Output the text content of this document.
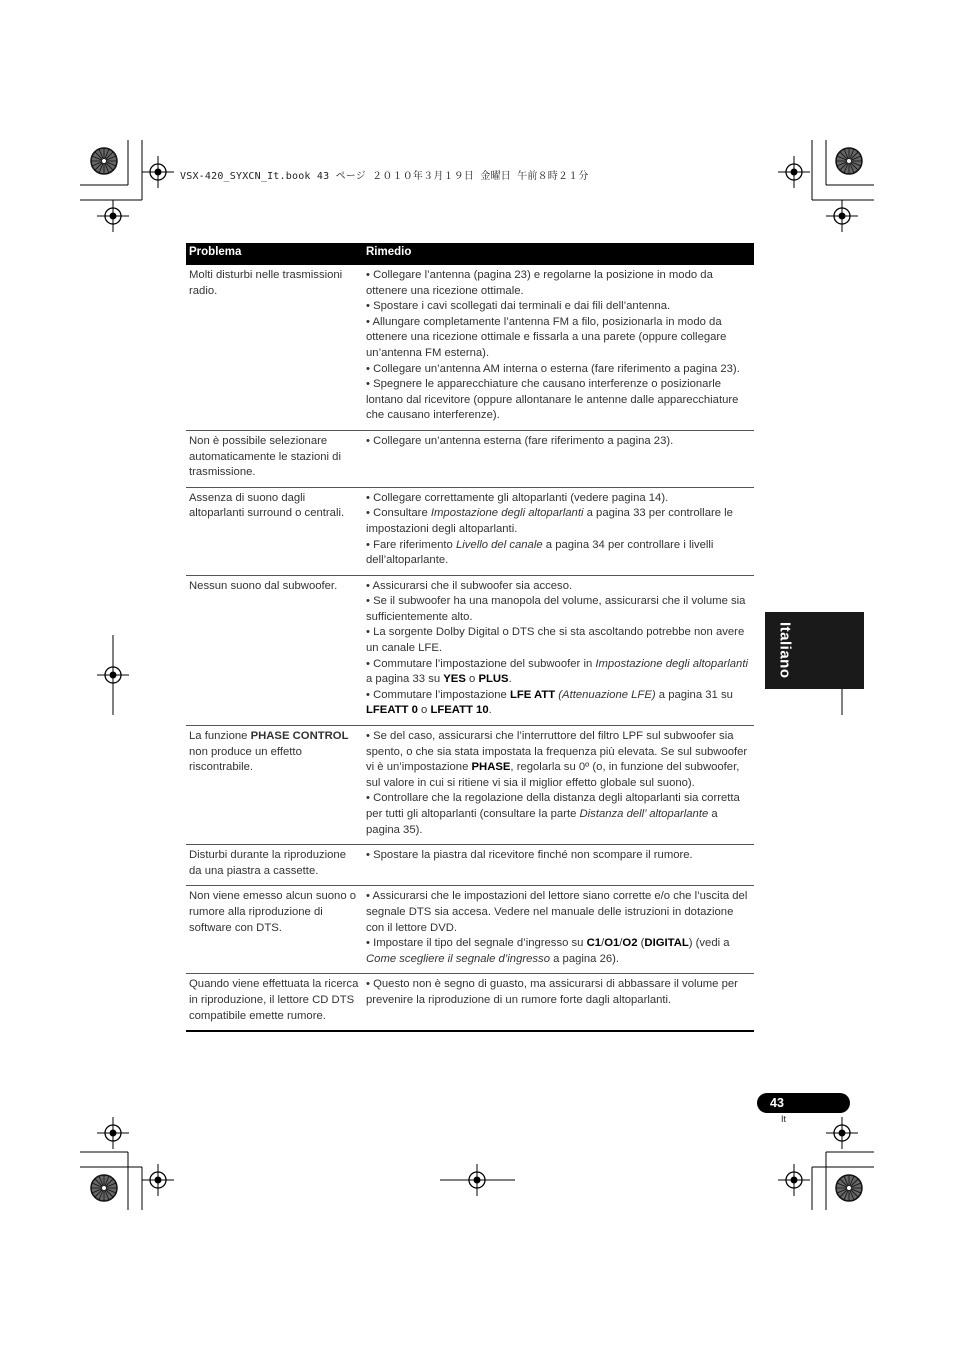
VSX-420_SYXCN_It.book 43 ページ ２０１０年３月１９日 金曜日 午前８時２１分
Problema	Rimedio
Molti disturbi nelle trasmissioni radio.	• Collegare l’antenna (pagina 23) e regolarne la posizione in modo da ottenere una ricezione ottimale.
• Spostare i cavi scollegati dai terminali e dai fili dell’antenna.
• Allungare completamente l’antenna FM a filo, posizionarla in modo da ottenere una ricezione ottimale e fissarla a una parete (oppure collegare un’antenna FM esterna).
• Collegare un’antenna AM interna o esterna (fare riferimento a pagina 23).
• Spegnere le apparecchiature che causano interferenze o posizionarle lontano dal ricevitore (oppure allontanare le antenne dalle apparecchiature che causano interferenze).

Non è possibile selezionare automaticamente le stazioni di trasmissione.	• Collegare un’antenna esterna (fare riferimento a pagina 23).

Assenza di suono dagli altoparlanti surround o centrali.	• Collegare correttamente gli altoparlanti (vedere pagina 14).
• Consultare Impostazione degli altoparlanti a pagina 33 per controllare le impostazioni degli altoparlanti.
• Fare riferimento Livello del canale a pagina 34 per controllare i livelli dell’altoparlante.

Nessun suono dal subwoofer.	• Assicurarsi che il subwoofer sia acceso.
• Se il subwoofer ha una manopola del volume, assicurarsi che il volume sia sufficientemente alto.
• La sorgente Dolby Digital o DTS che si sta ascoltando potrebbe non avere un canale LFE.
• Commutare l’impostazione del subwoofer in Impostazione degli altoparlanti a pagina 33 su YES o PLUS.
• Commutare l’impostazione LFE ATT (Attenuazione LFE) a pagina 31 su LFEATT 0 o LFEATT 10.

La funzione PHASE CONTROL non produce un effetto riscontrabile.	• Se del caso, assicurarsi che l’interruttore del filtro LPF sul subwoofer sia spento, o che sia stata impostata la frequenza più elevata. Se sul subwoofer vi è un’impostazione PHASE, regolarla su 0º (o, in funzione del subwoofer, sul valore in cui si ritiene vi sia il miglior effetto globale sul suono).
• Controllare che la regolazione della distanza degli altoparlanti sia corretta per tutti gli altoparlanti (consultare la parte Distanza dell’ altoparlante a pagina 35).

Disturbi durante la riproduzione da una piastra a cassette.	• Spostare la piastra dal ricevitore finché non scompare il rumore.

Non viene emesso alcun suono o rumore alla riproduzione di software con DTS.	• Assicurarsi che le impostazioni del lettore siano corrette e/o che l’uscita del segnale DTS sia accesa. Vedere nel manuale delle istruzioni in dotazione con il lettore DVD.
• Impostare il tipo del segnale d’ingresso su C1/O1/O2 (DIGITAL) (vedi a Come scegliere il segnale d’ingresso a pagina 26).

Quando viene effettuata la ricerca in riproduzione, il lettore CD DTS compatibile emette rumore.	• Questo non è segno di guasto, ma assicurarsi di abbassare il volume per prevenire la riproduzione di un rumore forte dagli altoparlanti.
Italiano
43
It
